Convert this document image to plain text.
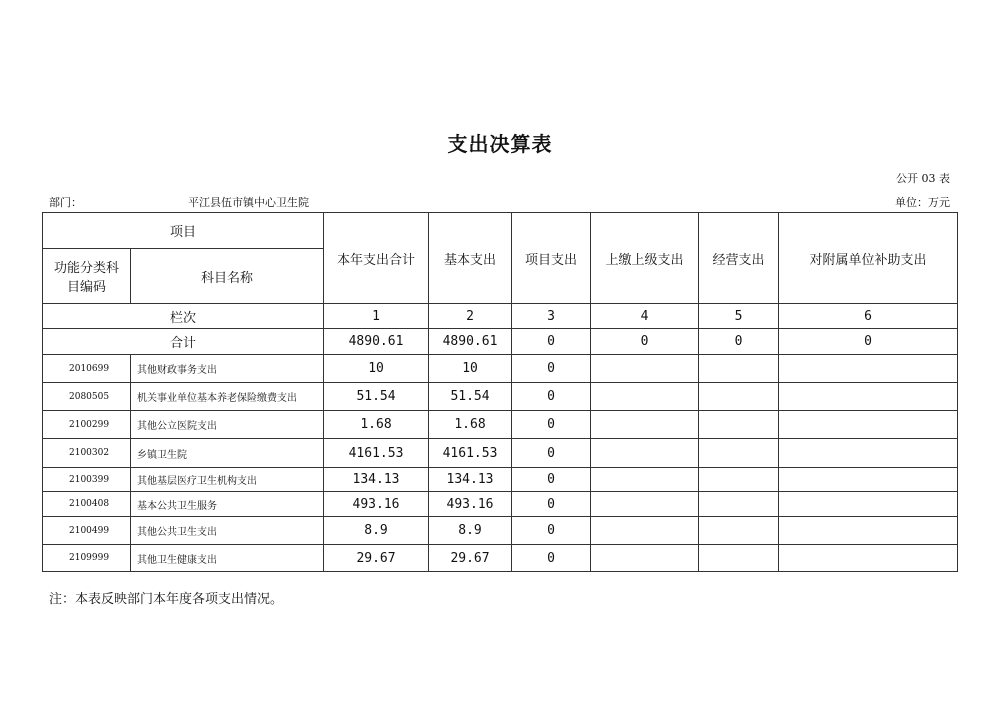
支出决算表
公开 03 表
部门：	平江县伍市镇中心卫生院	单位：万元
项目		本年支出合计	基本支出	项目支出	上缴上级支出	经营支出	对附属单位补助支出
功能分类科目编码	科目名称						
栏次		1	2	3	4	5	6
合计		4890.61	4890.61	0	0	0	0
2010699	其他财政事务支出	10	10	0			
2080505	机关事业单位基本养老保险缴费支出	51.54	51.54	0			
2100299	其他公立医院支出	1.68	1.68	0			
2100302	乡镇卫生院	4161.53	4161.53	0			
2100399	其他基层医疗卫生机构支出	134.13	134.13	0			
2100408	基本公共卫生服务	493.16	493.16	0			
2100499	其他公共卫生支出	8.9	8.9	0			
2109999	其他卫生健康支出	29.67	29.67	0			
注：本表反映部门本年度各项支出情况。
